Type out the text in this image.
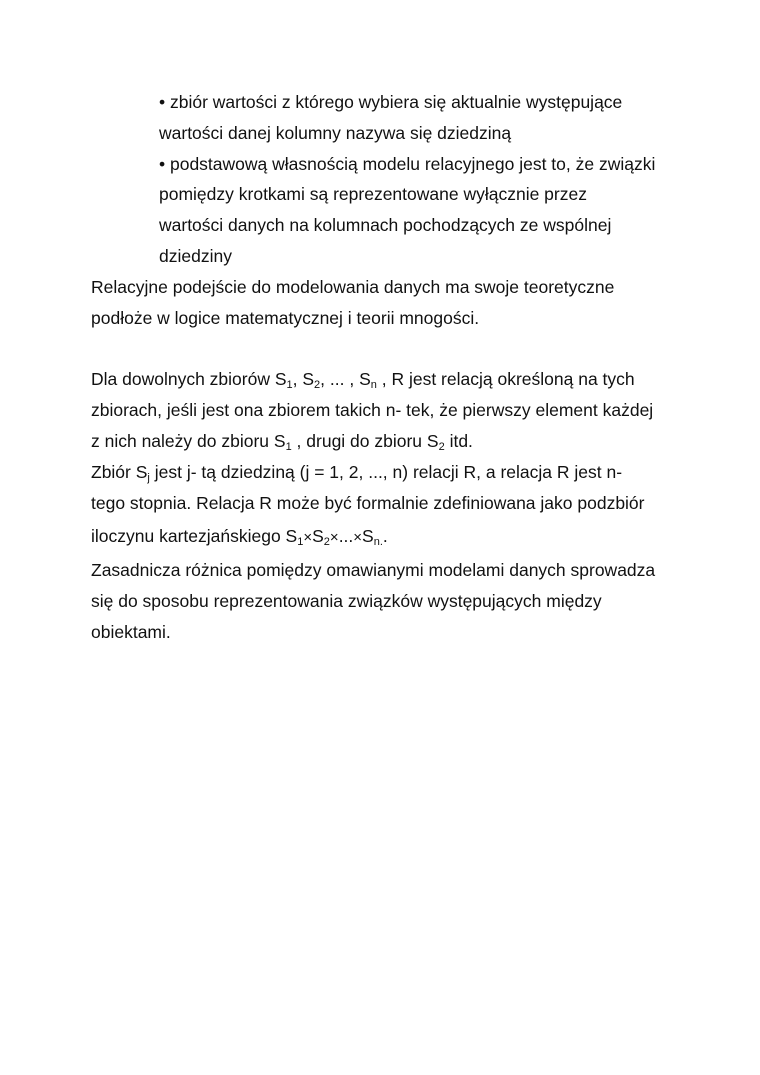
• zbiór wartości z którego wybiera się aktualnie występujące
wartości danej kolumny nazywa się dziedziną
• podstawową własnością modelu relacyjnego jest to, że związki
pomiędzy krotkami są reprezentowane wyłącznie przez
wartości danych na kolumnach pochodzących ze wspólnej
dziedziny
Relacyjne podejście do modelowania danych ma swoje teoretyczne
podłoże w logice matematycznej i teorii mnogości.
Dla dowolnych zbiorów $S_1$, $S_2$, ... , $S_n$ , R jest relacją określoną na tych
zbiorach, jeśli jest ona zbiorem takich n- tek, że pierwszy element każdej
z nich należy do zbioru $S_1$ , drugi do zbioru $S_2$ itd.
Zbiór $S_j$ jest j- tą dziedziną (j = 1, 2, ..., n) relacji R, a relacja R jest n-
tego stopnia. Relacja R może być formalnie zdefiniowana jako podzbiór
iloczynu kartezjańskiego $S_1\times S_2\times...\times S_{n.}$.
Zasadnicza różnica pomiędzy omawianymi modelami danych sprowadza
się do sposobu reprezentowania związków występujących między
obiektami.
